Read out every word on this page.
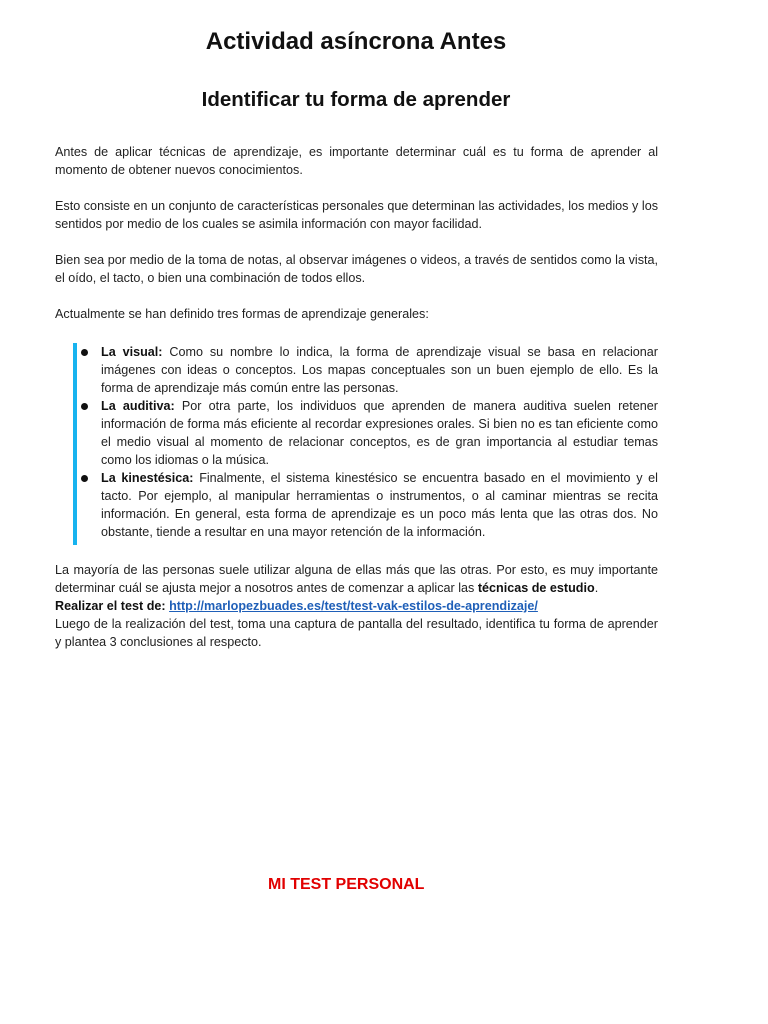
Actividad asíncrona Antes
Identificar tu forma de aprender

Antes de aplicar técnicas de aprendizaje, es importante determinar cuál es tu forma de aprender al momento de obtener nuevos conocimientos.

Esto consiste en un conjunto de características personales que determinan las actividades, los medios y los sentidos por medio de los cuales se asimila información con mayor facilidad.

Bien sea por medio de la toma de notas, al observar imágenes o videos, a través de sentidos como la vista, el oído, el tacto, o bien una combinación de todos ellos.

Actualmente se han definido tres formas de aprendizaje generales:

La visual: Como su nombre lo indica, la forma de aprendizaje visual se basa en relacionar imágenes con ideas o conceptos. Los mapas conceptuales son un buen ejemplo de ello. Es la forma de aprendizaje más común entre las personas.
La auditiva: Por otra parte, los individuos que aprenden de manera auditiva suelen retener información de forma más eficiente al recordar expresiones orales. Si bien no es tan eficiente como el medio visual al momento de relacionar conceptos, es de gran importancia al estudiar temas como los idiomas o la música.
La kinestésica: Finalmente, el sistema kinestésico se encuentra basado en el movimiento y el tacto. Por ejemplo, al manipular herramientas o instrumentos, o al caminar mientras se recita información. En general, esta forma de aprendizaje es un poco más lenta que las otras dos. No obstante, tiende a resultar en una mayor retención de la información.

La mayoría de las personas suele utilizar alguna de ellas más que las otras. Por esto, es muy importante determinar cuál se ajusta mejor a nosotros antes de comenzar a aplicar las técnicas de estudio.

Realizar el test de: http://marlopezbuades.es/test/test-vak-estilos-de-aprendizaje/

Luego de la realización del test, toma una captura de pantalla del resultado, identifica tu forma de aprender y plantea 3 conclusiones al respecto.

MI TEST PERSONAL
